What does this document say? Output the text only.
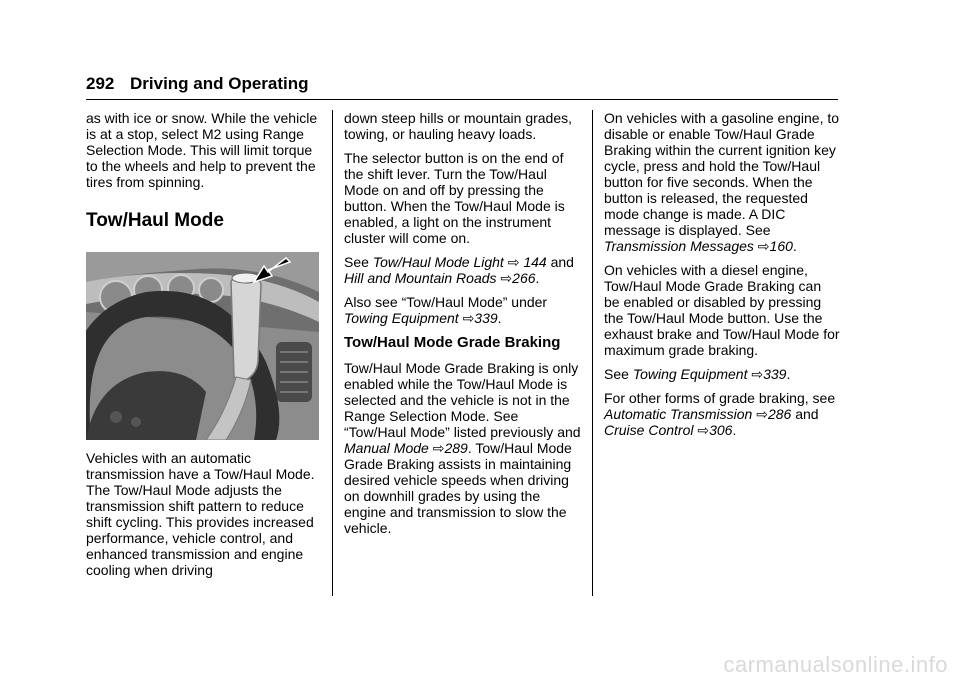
292 Driving and Operating

as with ice or snow. While the vehicle is at a stop, select M2 using Range Selection Mode. This will limit torque to the wheels and help to prevent the tires from spinning.

Tow/Haul Mode

Vehicles with an automatic transmission have a Tow/Haul Mode. The Tow/Haul Mode adjusts the transmission shift pattern to reduce shift cycling. This provides increased performance, vehicle control, and enhanced transmission and engine cooling when driving

down steep hills or mountain grades, towing, or hauling heavy loads.

The selector button is on the end of the shift lever. Turn the Tow/Haul Mode on and off by pressing the button. When the Tow/Haul Mode is enabled, a light on the instrument cluster will come on.

See Tow/Haul Mode Light ⇨ 144 and Hill and Mountain Roads ⇨266.

Also see “Tow/Haul Mode” under Towing Equipment ⇨339.

Tow/Haul Mode Grade Braking

Tow/Haul Mode Grade Braking is only enabled while the Tow/Haul Mode is selected and the vehicle is not in the Range Selection Mode. See “Tow/Haul Mode” listed previously and Manual Mode ⇨289. Tow/Haul Mode Grade Braking assists in maintaining desired vehicle speeds when driving on downhill grades by using the engine and transmission to slow the vehicle.

On vehicles with a gasoline engine, to disable or enable Tow/Haul Grade Braking within the current ignition key cycle, press and hold the Tow/Haul button for five seconds. When the button is released, the requested mode change is made. A DIC message is displayed. See Transmission Messages ⇨160.

On vehicles with a diesel engine, Tow/Haul Mode Grade Braking can be enabled or disabled by pressing the Tow/Haul Mode button. Use the exhaust brake and Tow/Haul Mode for maximum grade braking.

See Towing Equipment ⇨339.

For other forms of grade braking, see Automatic Transmission ⇨286 and Cruise Control ⇨306.

carmanualsonline.info
